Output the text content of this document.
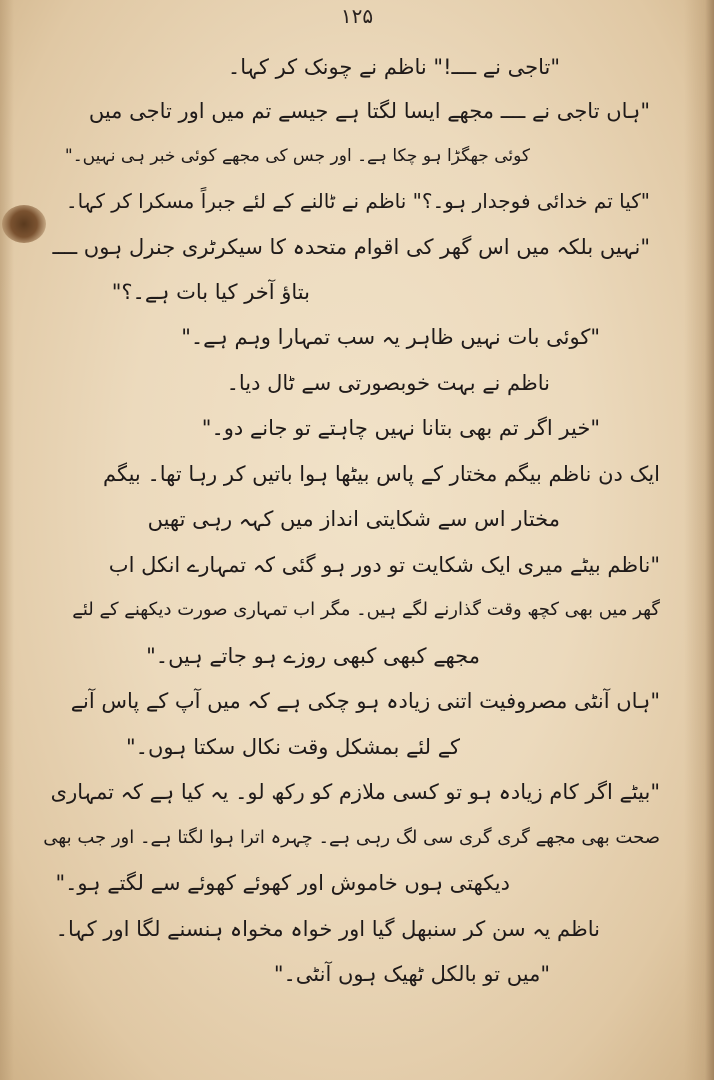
۱۲۵
"تاجی نے ــــ!" ناظم نے چونک کر کہا۔
"ہاں تاجی نے ــــ مجھے ایسا لگتا ہے جیسے تم میں اور تاجی میں
کوئی جھگڑا ہو چکا ہے۔ اور جس کی مجھے کوئی خبر ہی نہیں۔"
"کیا تم خدائی فوجدار ہو۔؟" ناظم نے ٹالنے کے لئے جبراً مسکرا کر کہا۔
"نہیں بلکہ میں اس گھر کی اقوام متحدہ کا سیکرٹری جنرل ہوں ــــ
بتاؤ آخر کیا بات ہے۔؟"
"کوئی بات نہیں ظاہر یہ سب تمہارا وہم ہے۔"
ناظم نے بہت خوبصورتی سے ٹال دیا۔
"خیر اگر تم بھی بتانا نہیں چاہتے تو جانے دو۔"
ایک دن ناظم بیگم مختار کے پاس بیٹھا ہوا باتیں کر رہا تھا۔ بیگم
مختار اس سے شکایتی انداز میں کہہ رہی تھیں
"ناظم بیٹے میری ایک شکایت تو دور ہو گئی کہ تمہارے انکل اب
گھر میں بھی کچھ وقت گذارنے لگے ہیں۔ مگر اب تمہاری صورت دیکھنے کے لئے
مجھے کبھی کبھی روزے ہو جاتے ہیں۔"
"ہاں آنٹی مصروفیت اتنی زیادہ ہو چکی ہے کہ میں آپ کے پاس آنے
کے لئے بمشکل وقت نکال سکتا ہوں۔"
"بیٹے اگر کام زیادہ ہو تو کسی ملازم کو رکھ لو۔ یہ کیا ہے کہ تمہاری
صحت بھی مجھے گری گری سی لگ رہی ہے۔ چہرہ اترا ہوا لگتا ہے۔ اور جب بھی
دیکھتی ہوں خاموش اور کھوئے کھوئے سے لگتے ہو۔"
ناظم یہ سن کر سنبھل گیا اور خواہ مخواہ ہنسنے لگا اور کہا۔
"میں تو بالکل ٹھیک ہوں آنٹی۔"
